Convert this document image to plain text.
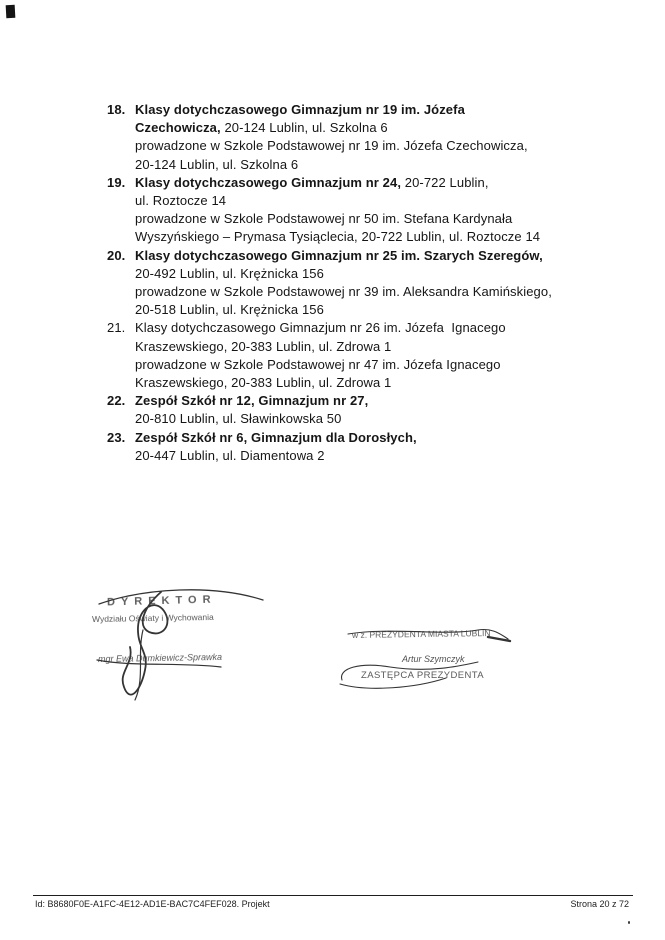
18. Klasy dotychczasowego Gimnazjum nr 19 im. Józefa
Czechowicza, 20-124 Lublin, ul. Szkolna 6
prowadzone w Szkole Podstawowej nr 19 im. Józefa Czechowicza,
20-124 Lublin, ul. Szkolna 6
19. Klasy dotychczasowego Gimnazjum nr 24, 20-722 Lublin,
ul. Roztocze 14
prowadzone w Szkole Podstawowej nr 50 im. Stefana Kardynała
Wyszyńskiego – Prymasa Tysiąclecia, 20-722 Lublin, ul. Roztocze 14
20. Klasy dotychczasowego Gimnazjum nr 25 im. Szarych Szeregów,
20-492 Lublin, ul. Krężnicka 156
prowadzone w Szkole Podstawowej nr 39 im. Aleksandra Kamińskiego,
20-518 Lublin, ul. Krężnicka 156
21. Klasy dotychczasowego Gimnazjum nr 26 im. Józefa  Ignacego
Kraszewskiego, 20-383 Lublin, ul. Zdrowa 1
prowadzone w Szkole Podstawowej nr 47 im. Józefa Ignacego
Kraszewskiego, 20-383 Lublin, ul. Zdrowa 1
22. Zespół Szkół nr 12, Gimnazjum nr 27,
20-810 Lublin, ul. Sławinkowska 50
23. Zespół Szkół nr 6, Gimnazjum dla Dorosłych,
20-447 Lublin, ul. Diamentowa 2
DYREKTOR
Wydziału Oświaty i Wychowania
mgr Ewa Dumkiewicz-Sprawka
w z. PREZYDENTA MIASTA LUBLIN
Artur Szymczyk
ZASTĘPCA PREZYDENTA
Id: B8680F0E-A1FC-4E12-AD1E-BAC7C4FEF028. Projekt	Strona 20 z 72
